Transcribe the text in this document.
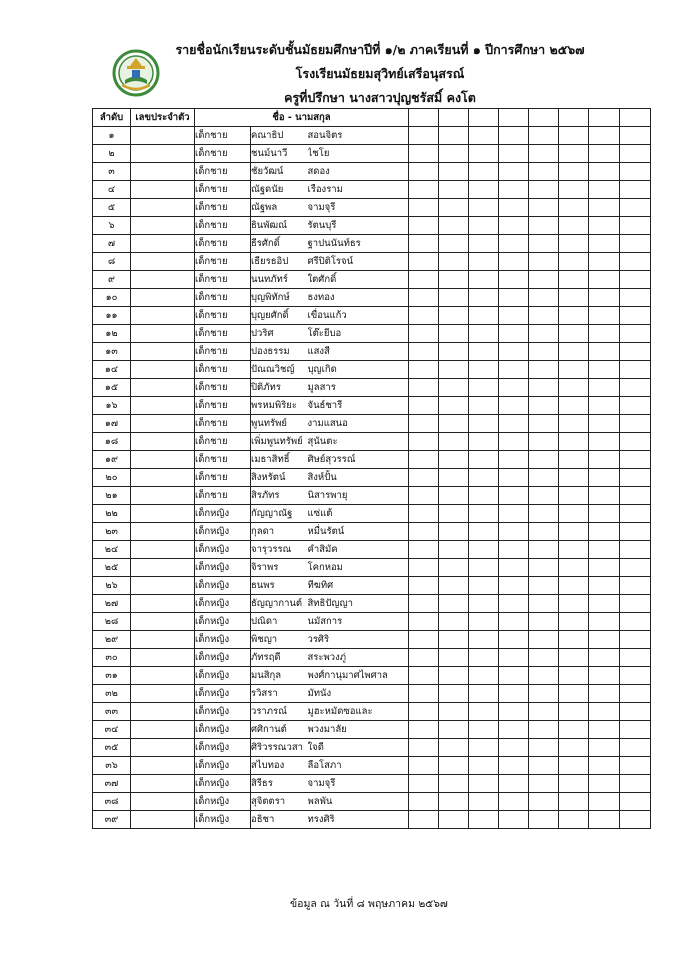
รายชื่อนักเรียนระดับชั้นมัธยมศึกษาปีที่ ๑/๒ ภาคเรียนที่ ๑ ปีการศึกษา ๒๕๖๗
โรงเรียนมัธยมสุวิทย์เสรีอนุสรณ์
ครูที่ปรึกษา นางสาวปุญชรัสมิ์ คงโต
ลำดับ	เลขประจำตัว	ชื่อ - นามสกุล										
๑		เด็กชาย	คณาธิป	สอนจิตร								
๒		เด็กชาย	ชนม์นาวี	ไชโย								
๓		เด็กชาย	ชัยวัฒน์	สดอง								
๔		เด็กชาย	ณัฐดนัย	เรืองราม								
๕		เด็กชาย	ณัฐพล	จามจุรี								
๖		เด็กชาย	ธินพัฒณ์	รัตนบุรี								
๗		เด็กชาย	ธีรศักดิ์	ฐาปนนันท์ธร								
๘		เด็กชาย	เธียรธอิป	ศรีปิติโรจน์								
๙		เด็กชาย	นนทภัทร์	ใตศักดิ์								
๑๐		เด็กชาย	บุญพิทักษ์	ธงทอง								
๑๑		เด็กชาย	บุญยศักดิ์	เขื่อนแก้ว								
๑๒		เด็กชาย	ปวริศ	โต๊ะยีบอ								
๑๓		เด็กชาย	ปองธรรม	แสงสี								
๑๔		เด็กชาย	ปัณณวิชญ์	บุญเกิด								
๑๕		เด็กชาย	ปิติภัทร	มูลสาร								
๑๖		เด็กชาย	พรหมพิริยะ	จันธ์ชารี								
๑๗		เด็กชาย	พูนทรัพย์	งามแสนอ								
๑๘		เด็กชาย	เพิ่มพูนทรัพย์	สุนันตะ								
๑๙		เด็กชาย	เมธาสิทธิ์	ศิษย์สุวรรณ์								
๒๐		เด็กชาย	สิงหรัตน์	สิงห์ปั้น								
๒๑		เด็กชาย	สิรภัทร	นิสารพายุ								
๒๒		เด็กหญิง	กัญญาณัฐ	แซ่แต้								
๒๓		เด็กหญิง	กุลดา	หมื่นรัตน์								
๒๔		เด็กหญิง	จารุวรรณ	คำสิมัค								
๒๕		เด็กหญิง	จิราพร	โคกหอม								
๒๖		เด็กหญิง	ธนพร	ทีฆทิศ								
๒๗		เด็กหญิง	ธัญญากานต์	สิทธิปัญญา								
๒๘		เด็กหญิง	ปณิดา	นมัสการ								
๒๙		เด็กหญิง	พิชญา	วรศิริ								
๓๐		เด็กหญิง	ภัทรฤดี	สระพวงภู่								
๓๑		เด็กหญิง	มนสิกุล	พงศ์กานุมาศไพศาล								
๓๒		เด็กหญิง	รวิสรา	มัทนัง								
๓๓		เด็กหญิง	วราภรณ์	มูฮะหมัดซอและ								
๓๔		เด็กหญิง	ศศิกานต์	พวงมาลัย								
๓๕		เด็กหญิง	ศิริวรรณวสา	ใจดี								
๓๖		เด็กหญิง	สไบทอง	ลือโสภา								
๓๗		เด็กหญิง	สิรีธร	จามจุรี								
๓๘		เด็กหญิง	สุจิตตรา	พลพัน								
๓๙		เด็กหญิง	อธิชา	ทรงศิริ								
ข้อมูล ณ วันที่ ๘ พฤษภาคม ๒๕๖๗
